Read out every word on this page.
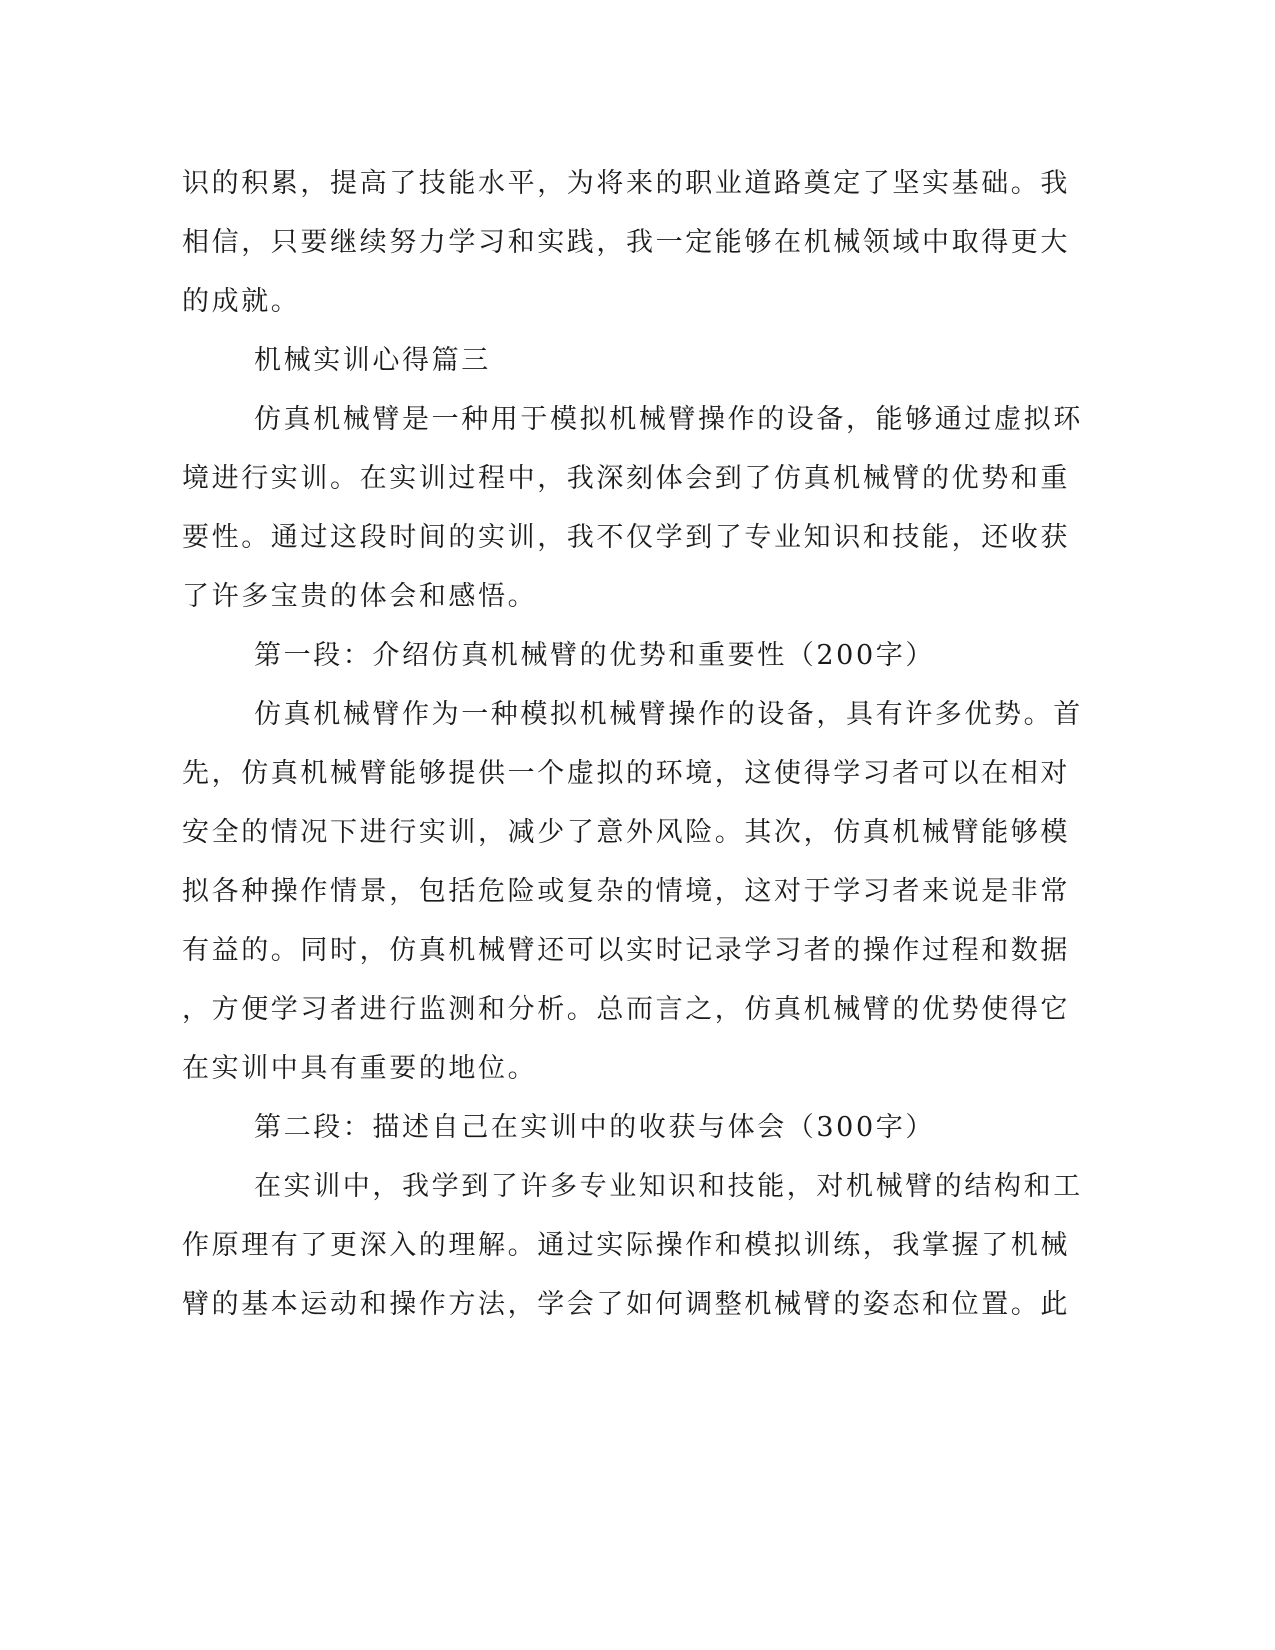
识的积累，提高了技能水平，为将来的职业道路奠定了坚实基础。我
相信，只要继续努力学习和实践，我一定能够在机械领域中取得更大
的成就。
机械实训心得篇三
仿真机械臂是一种用于模拟机械臂操作的设备，能够通过虚拟环
境进行实训。在实训过程中，我深刻体会到了仿真机械臂的优势和重
要性。通过这段时间的实训，我不仅学到了专业知识和技能，还收获
了许多宝贵的体会和感悟。
第一段：介绍仿真机械臂的优势和重要性（200字）
仿真机械臂作为一种模拟机械臂操作的设备，具有许多优势。首
先，仿真机械臂能够提供一个虚拟的环境，这使得学习者可以在相对
安全的情况下进行实训，减少了意外风险。其次，仿真机械臂能够模
拟各种操作情景，包括危险或复杂的情境，这对于学习者来说是非常
有益的。同时，仿真机械臂还可以实时记录学习者的操作过程和数据
，方便学习者进行监测和分析。总而言之，仿真机械臂的优势使得它
在实训中具有重要的地位。
第二段：描述自己在实训中的收获与体会（300字）
在实训中，我学到了许多专业知识和技能，对机械臂的结构和工
作原理有了更深入的理解。通过实际操作和模拟训练，我掌握了机械
臂的基本运动和操作方法，学会了如何调整机械臂的姿态和位置。此
